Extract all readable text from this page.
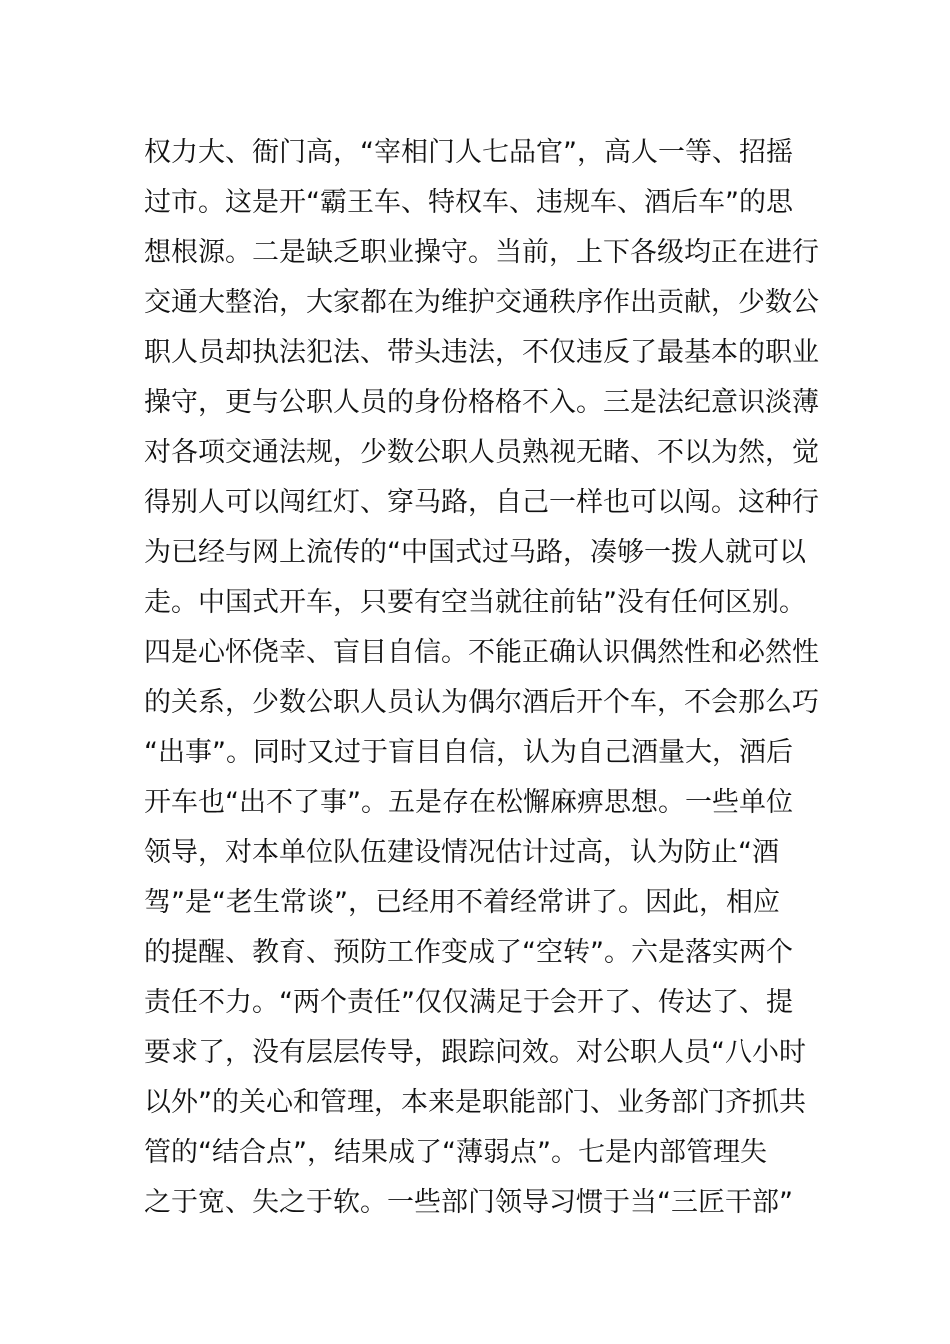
权力大、衙门高，“宰相门人七品官”，高人一等、招摇
过市。这是开“霸王车、特权车、违规车、酒后车”的思
想根源。二是缺乏职业操守。当前，上下各级均正在进行
交通大整治，大家都在为维护交通秩序作出贡献，少数公
职人员却执法犯法、带头违法，不仅违反了最基本的职业
操守，更与公职人员的身份格格不入。三是法纪意识淡薄
对各项交通法规，少数公职人员熟视无睹、不以为然，觉
得别人可以闯红灯、穿马路，自己一样也可以闯。这种行
为已经与网上流传的“中国式过马路，凑够一拨人就可以
走。中国式开车，只要有空当就往前钻”没有任何区别。
四是心怀侥幸、盲目自信。不能正确认识偶然性和必然性
的关系，少数公职人员认为偶尔酒后开个车，不会那么巧
“出事”。同时又过于盲目自信，认为自己酒量大，酒后
开车也“出不了事”。五是存在松懈麻痹思想。一些单位
领导，对本单位队伍建设情况估计过高，认为防止“酒
驾”是“老生常谈”，已经用不着经常讲了。因此，相应
的提醒、教育、预防工作变成了“空转”。六是落实两个
责任不力。“两个责任”仅仅满足于会开了、传达了、提
要求了，没有层层传导，跟踪问效。对公职人员“八小时
以外”的关心和管理，本来是职能部门、业务部门齐抓共
管的“结合点”，结果成了“薄弱点”。七是内部管理失
之于宽、失之于软。一些部门领导习惯于当“三匠干部”
